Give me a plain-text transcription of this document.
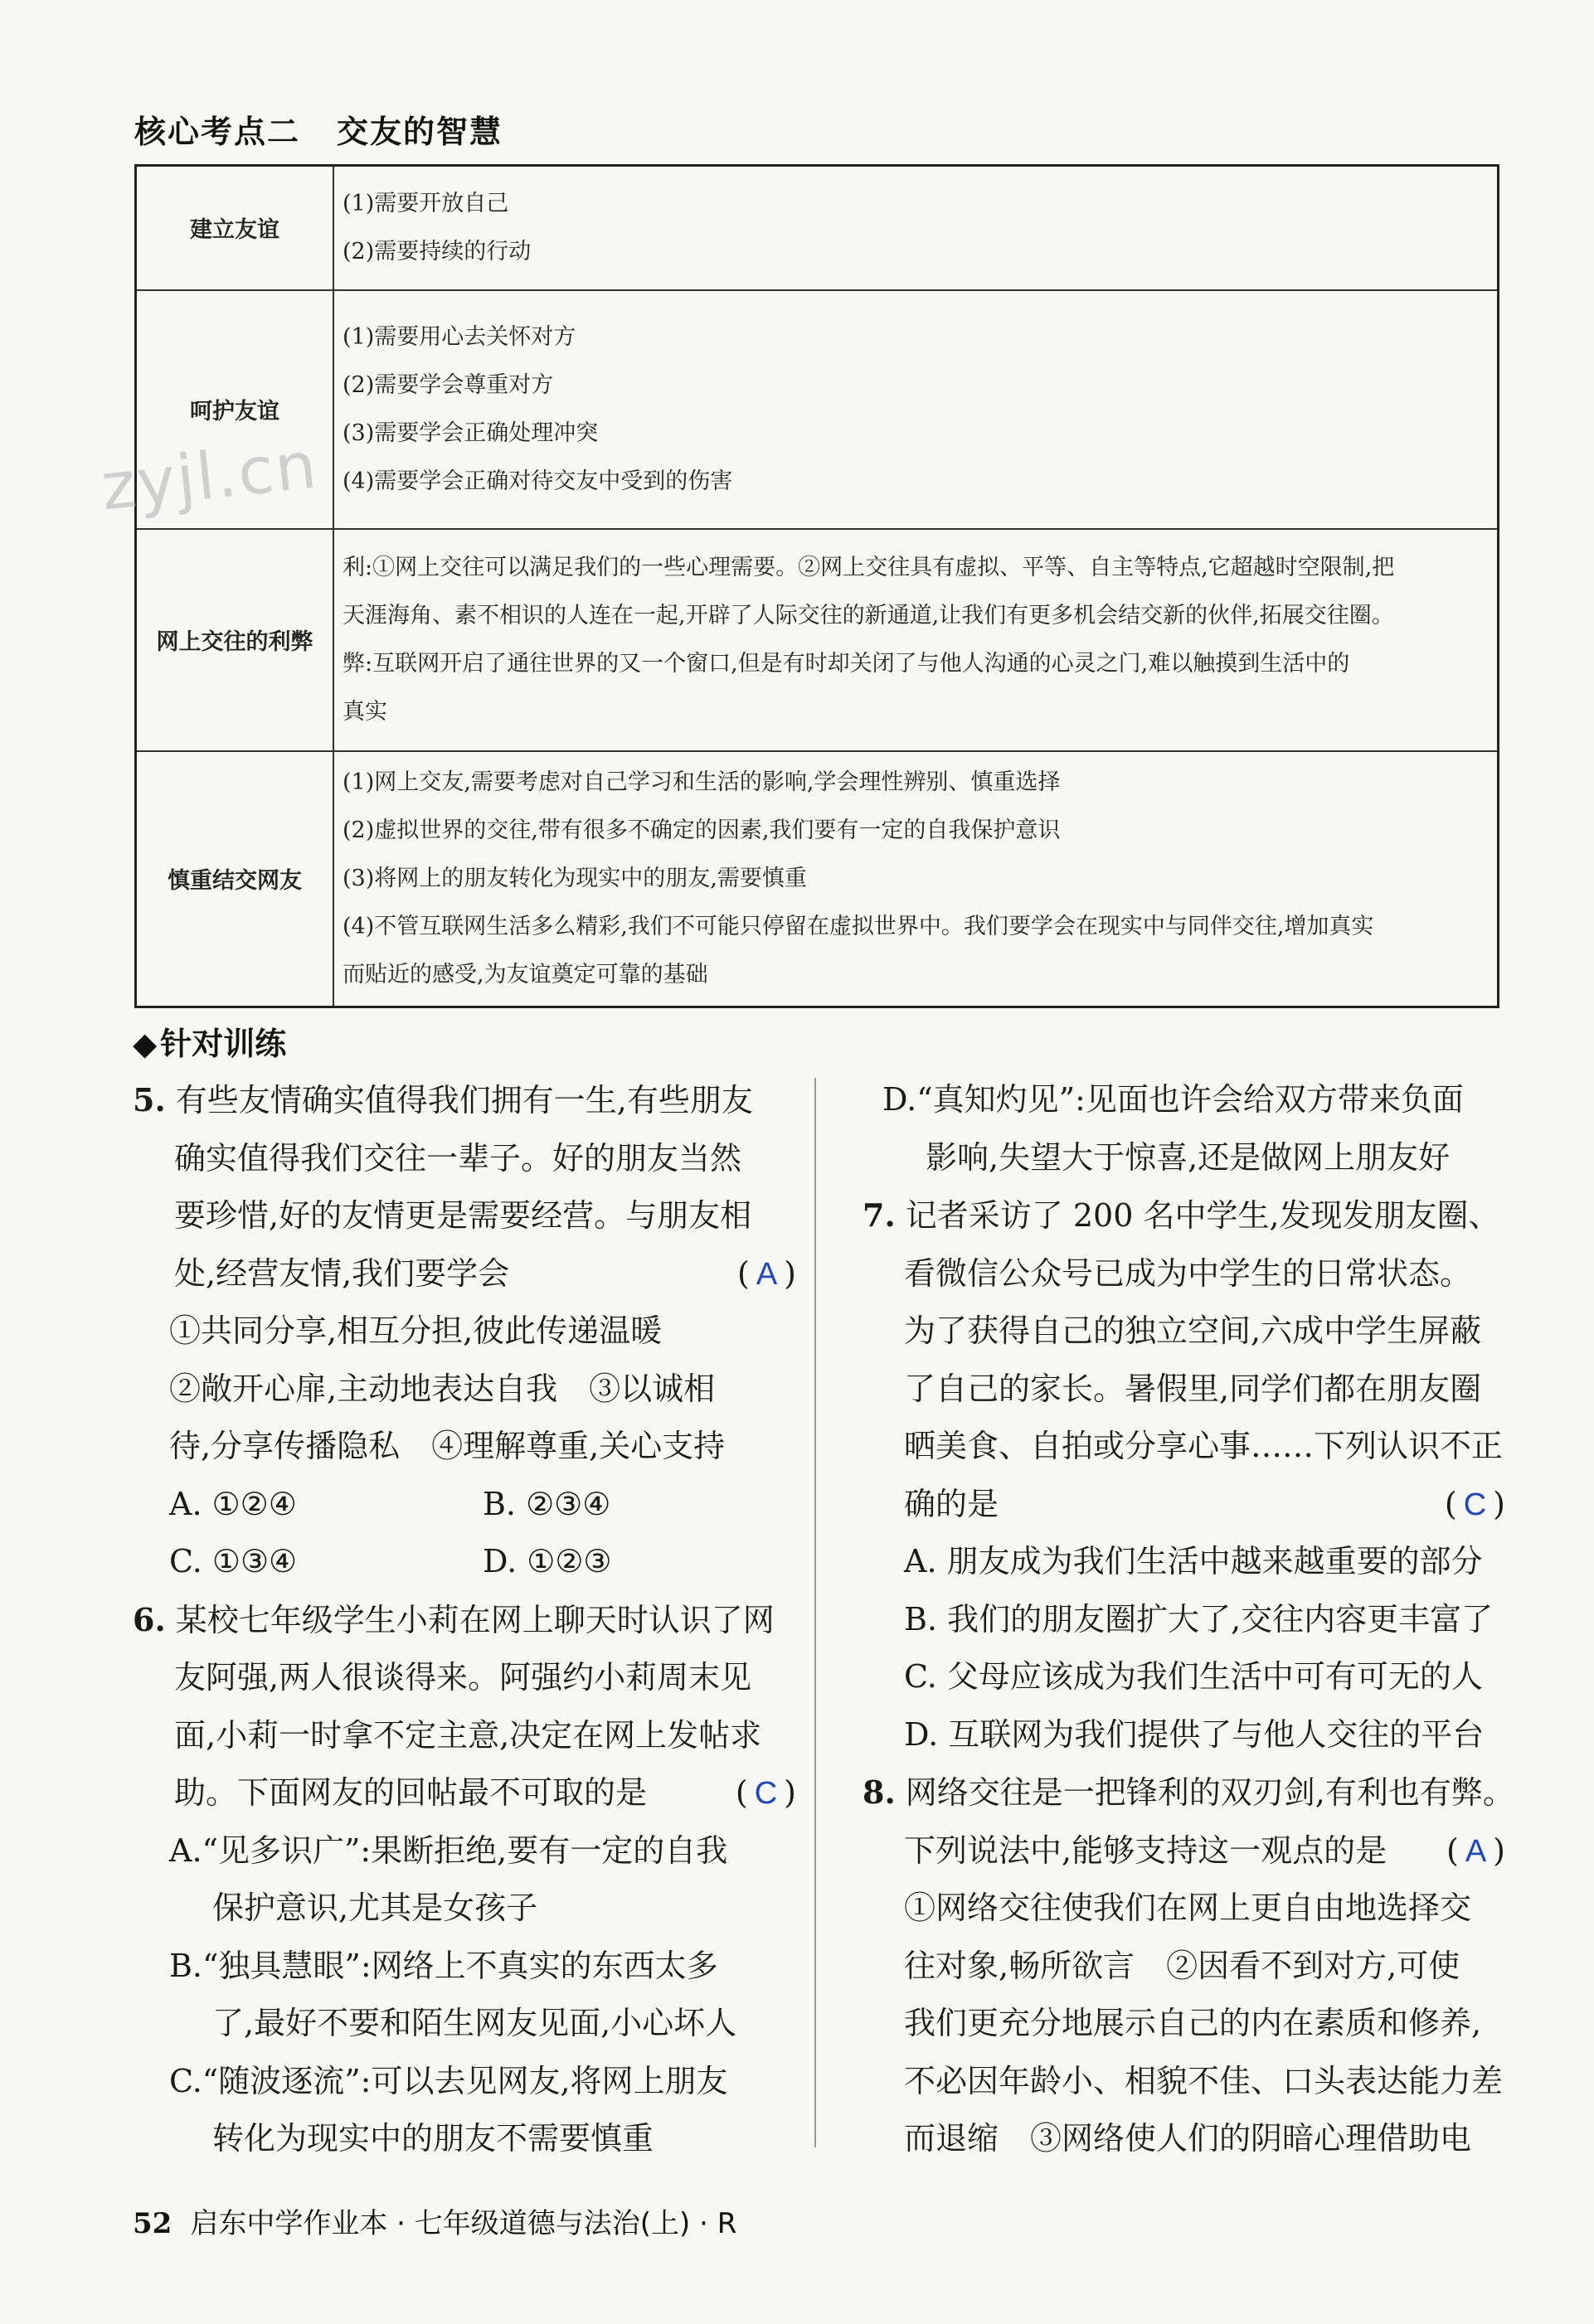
核心考点二 交友的智慧
建立友谊	(1)需要开放自己
(2)需要持续的行动

呵护友谊	(1)需要用心去关怀对方
(2)需要学会尊重对方
(3)需要学会正确处理冲突
(4)需要学会正确对待交友中受到的伤害

网上交往的利弊	利:①网上交往可以满足我们的一些心理需要。②网上交往具有虚拟、平等、自主等特点,它超越时空限制,把
天涯海角、素不相识的人连在一起,开辟了人际交往的新通道,让我们有更多机会结交新的伙伴,拓展交往圈。
弊:互联网开启了通往世界的又一个窗口,但是有时却关闭了与他人沟通的心灵之门,难以触摸到生活中的
真实

慎重结交网友	(1)网上交友,需要考虑对自己学习和生活的影响,学会理性辨别、慎重选择
(2)虚拟世界的交往,带有很多不确定的因素,我们要有一定的自我保护意识
(3)将网上的朋友转化为现实中的朋友,需要慎重
(4)不管互联网生活多么精彩,我们不可能只停留在虚拟世界中。我们要学会在现实中与同伴交往,增加真实
而贴近的感受,为友谊奠定可靠的基础
zyjl.cn
◆ 针对训练
5. 有些友情确实值得我们拥有一生,有些朋友
确实值得我们交往一辈子。好的朋友当然
要珍惜,好的友情更是需要经营。与朋友相
处,经营友情,我们要学会	( A )
①共同分享,相互分担,彼此传递温暖
②敞开心扉,主动地表达自我　③以诚相
待,分享传播隐私　④理解尊重,关心支持
A. ①②④	B. ②③④
C. ①③④	D. ①②③
6. 某校七年级学生小莉在网上聊天时认识了网
友阿强,两人很谈得来。阿强约小莉周末见
面,小莉一时拿不定主意,决定在网上发帖求
助。下面网友的回帖最不可取的是	( C )
A.“见多识广”:果断拒绝,要有一定的自我
保护意识,尤其是女孩子
B.“独具慧眼”:网络上不真实的东西太多
了,最好不要和陌生网友见面,小心坏人
C.“随波逐流”:可以去见网友,将网上朋友
转化为现实中的朋友不需要慎重
D.“真知灼见”:见面也许会给双方带来负面
影响,失望大于惊喜,还是做网上朋友好
7. 记者采访了 200 名中学生,发现发朋友圈、
看微信公众号已成为中学生的日常状态。
为了获得自己的独立空间,六成中学生屏蔽
了自己的家长。暑假里,同学们都在朋友圈
晒美食、自拍或分享心事……下列认识不正
确的是	( C )
A. 朋友成为我们生活中越来越重要的部分
B. 我们的朋友圈扩大了,交往内容更丰富了
C. 父母应该成为我们生活中可有可无的人
D. 互联网为我们提供了与他人交往的平台
8. 网络交往是一把锋利的双刃剑,有利也有弊。
下列说法中,能够支持这一观点的是 ( A )
①网络交往使我们在网上更自由地选择交
往对象,畅所欲言　②因看不到对方,可使
我们更充分地展示自己的内在素质和修养,
不必因年龄小、相貌不佳、口头表达能力差
而退缩　③网络使人们的阴暗心理借助电
52 启东中学作业本 · 七年级道德与法治(上) · R
